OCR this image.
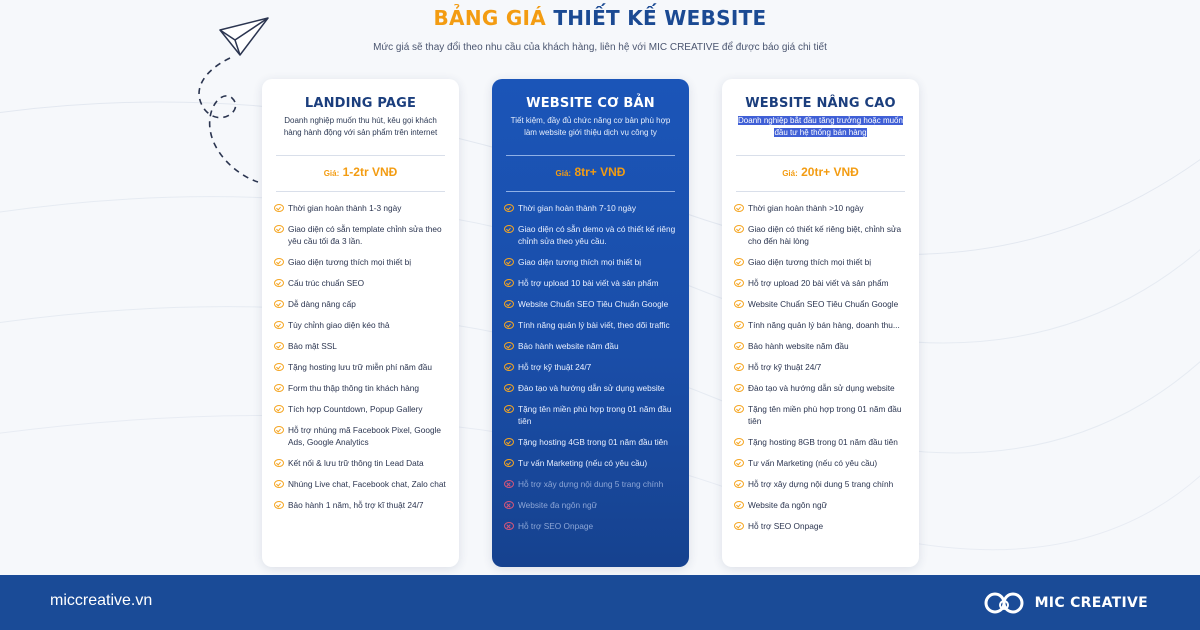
BẢNG GIÁ THIẾT KẾ WEBSITE
Mức giá sẽ thay đổi theo nhu cầu của khách hàng, liên hệ với MIC CREATIVE để được báo giá chi tiết
LANDING PAGE
Doanh nghiệp muốn thu hút, kêu gọi khách hàng hành động với sản phẩm trên internet
Giá: 1-2tr VNĐ
Thời gian hoàn thành 1-3 ngày
Giao diện có sẵn template chỉnh sửa theo yêu cầu tối đa 3 lần.
Giao diện tương thích mọi thiết bị
Cấu trúc chuẩn SEO
Dễ dàng nâng cấp
Tùy chỉnh giao diện kéo thả
Bảo mật SSL
Tặng hosting lưu trữ miễn phí năm đầu
Form thu thập thông tin khách hàng
Tích hợp Countdown, Popup Gallery
Hỗ trợ nhúng mã Facebook Pixel, Google Ads, Google Analytics
Kết nối & lưu trữ thông tin Lead Data
Nhúng Live chat, Facebook chat, Zalo chat
Bảo hành 1 năm, hỗ trợ kĩ thuật 24/7
WEBSITE CƠ BẢN
Tiết kiệm, đầy đủ chức năng cơ bản phù hợp làm website giới thiệu dịch vụ công ty
Giá: 8tr+ VNĐ
Thời gian hoàn thành 7-10 ngày
Giao diện có sẵn demo và có thiết kế riêng chỉnh sửa theo yêu cầu.
Giao diện tương thích mọi thiết bị
Hỗ trợ upload 10 bài viết và sản phẩm
Website Chuẩn SEO Tiêu Chuẩn Google
Tính năng quản lý bài viết, theo dõi traffic
Bảo hành website năm đầu
Hỗ trợ kỹ thuật 24/7
Đào tạo và hướng dẫn sử dụng website
Tặng tên miền phù hợp trong 01 năm đầu tiên
Tặng hosting 4GB trong 01 năm đầu tiên
Tư vấn Marketing (nếu có yêu cầu)
Hỗ trợ xây dựng nội dung 5 trang chính
Website đa ngôn ngữ
Hỗ trợ SEO Onpage
WEBSITE NÂNG CAO
Doanh nghiệp bắt đầu tăng trưởng hoặc muốn đầu tư hệ thống bán hàng
Giá: 20tr+ VNĐ
Thời gian hoàn thành >10 ngày
Giao diện có thiết kế riêng biệt, chỉnh sửa cho đến hài lòng
Giao diện tương thích mọi thiết bị
Hỗ trợ upload 20 bài viết và sản phẩm
Website Chuẩn SEO Tiêu Chuẩn Google
Tính năng quản lý bán hàng, doanh thu...
Bảo hành website năm đầu
Hỗ trợ kỹ thuật 24/7
Đào tạo và hướng dẫn sử dụng website
Tặng tên miền phù hợp trong 01 năm đầu tiên
Tặng hosting 8GB trong 01 năm đầu tiên
Tư vấn Marketing (nếu có yêu cầu)
Hỗ trợ xây dựng nội dung 5 trang chính
Website đa ngôn ngữ
Hỗ trợ SEO Onpage
miccreative.vn	MIC CREATIVE
